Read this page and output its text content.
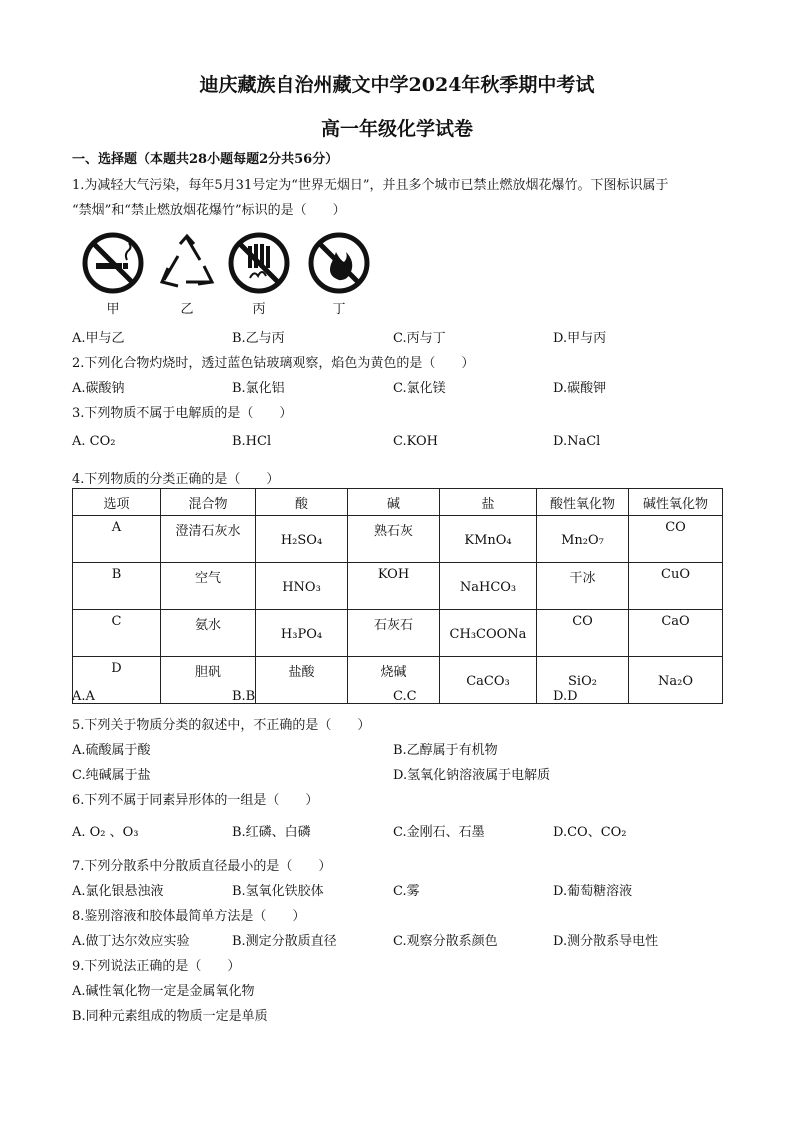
迪庆藏族自治州藏文中学2024年秋季期中考试
高一年级化学试卷
一、选择题（本题共28小题每题2分共56分）
1.为减轻大气污染，每年5月31号定为“世界无烟日”，并且多个城市已禁止燃放烟花爆竹。下图标识属于
“禁烟”和“禁止燃放烟花爆竹”标识的是（　　）
甲	乙	丙	丁
A.甲与乙	B.乙与丙	C.丙与丁	D.甲与丙
2.下列化合物灼烧时，透过蓝色钴玻璃观察，焰色为黄色的是（　　）
A.碳酸钠	B.氯化铝	C.氯化镁	D.碳酸钾
3.下列物质不属于电解质的是（　　）
A. CO₂	B.HCl	C.KOH	D.NaCl
4.下列物质的分类正确的是（　　）
选项	混合物	酸	碱	盐	酸性氧化物	碱性氧化物
A	澄清石灰水	H₂SO₄	熟石灰	KMnO₄	Mn₂O₇	CO
B	空气	HNO₃	KOH	NaHCO₃	干冰	CuO
C	氨水	H₃PO₄	石灰石	CH₃COONa	CO	CaO
D	胆矾	盐酸	烧碱	CaCO₃	SiO₂	Na₂O
A.A	B.B	C.C	D.D
5.下列关于物质分类的叙述中，不正确的是（　　）
A.硫酸属于酸	B.乙醇属于有机物
C.纯碱属于盐	D.氢氧化钠溶液属于电解质
6.下列不属于同素异形体的一组是（　　）
A. O₂ 、O₃	B.红磷、白磷	C.金刚石、石墨	D.CO、CO₂
7.下列分散系中分散质直径最小的是（　　）
A.氯化银悬浊液	B.氢氧化铁胶体	C.雾	D.葡萄糖溶液
8.鉴别溶液和胶体最简单方法是（　　）
A.做丁达尔效应实验	B.测定分散质直径	C.观察分散系颜色	D.测分散系导电性
9.下列说法正确的是（　　）
A.碱性氧化物一定是金属氧化物
B.同种元素组成的物质一定是单质
